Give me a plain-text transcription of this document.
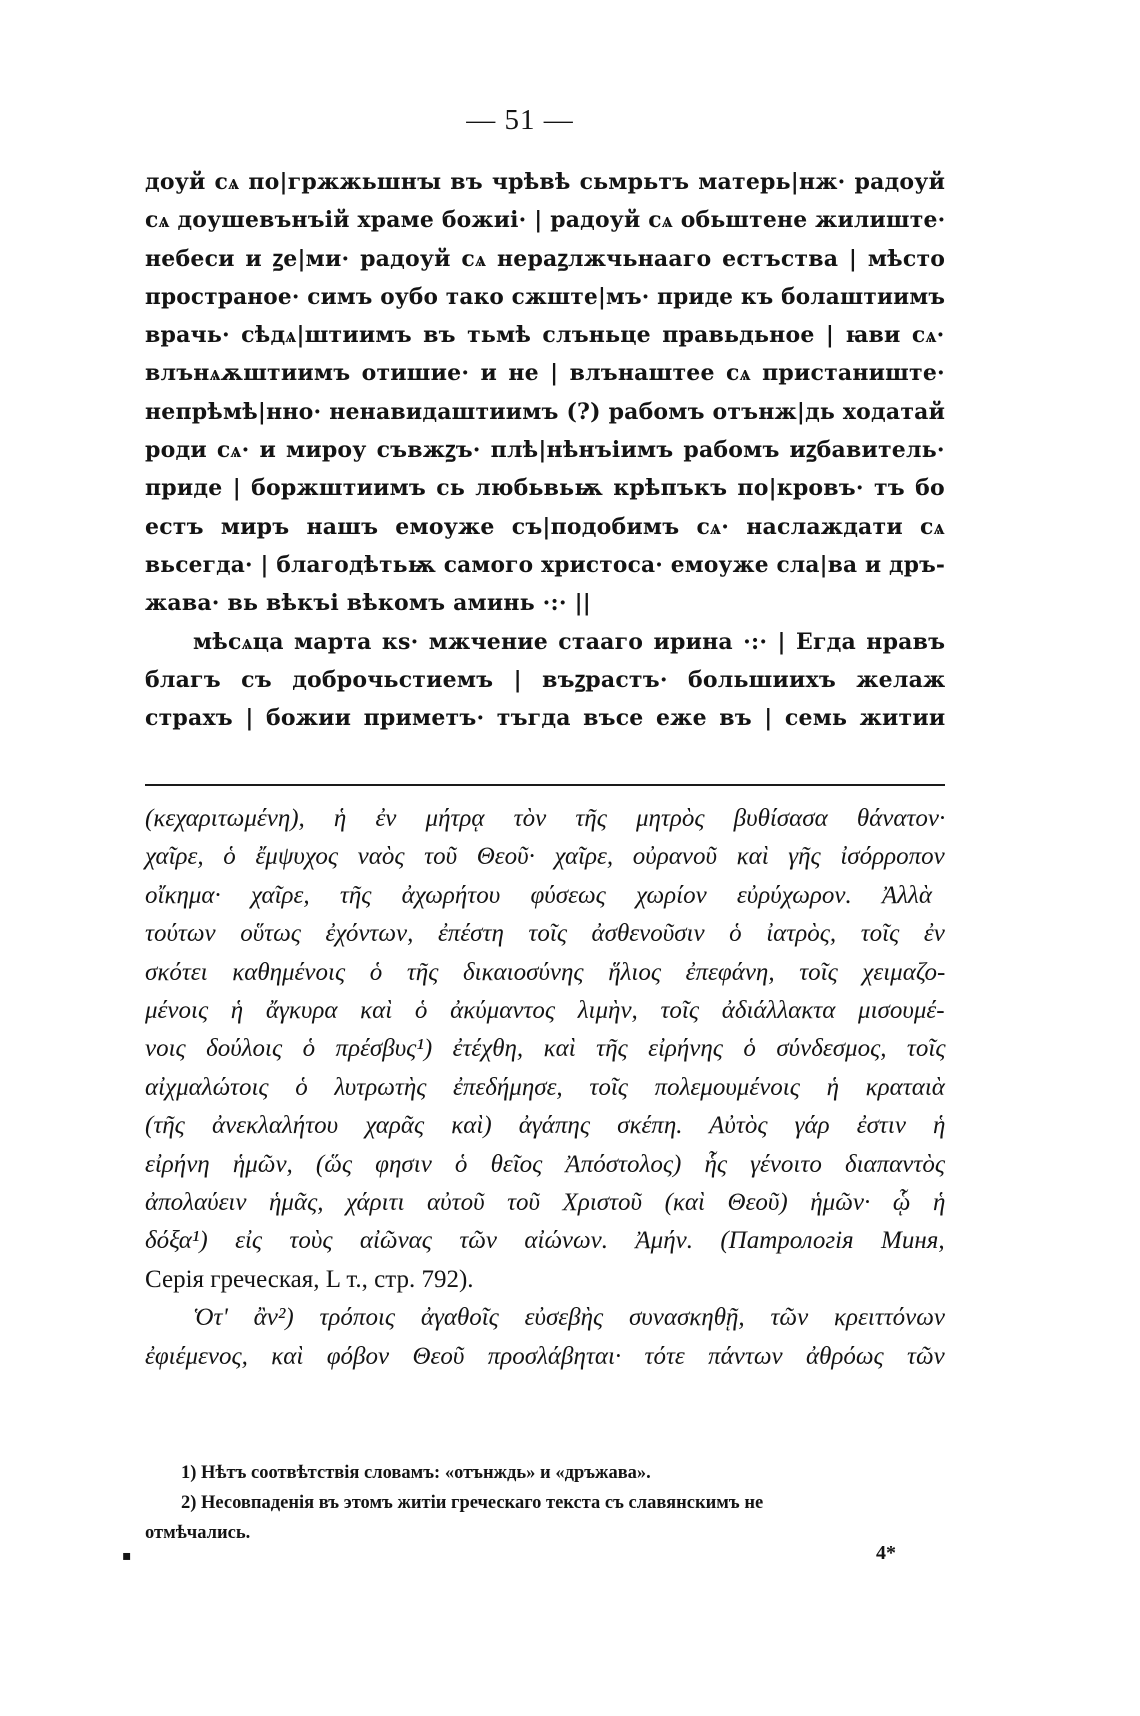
— 51 —
доуй сѧ по|гржжьшнꙑ въ чрѣвѣ сьмрьтъ матерь|нж· радоуй
сѧ доушевънъій храме божиі· | радоуй сѧ обьштенe жилиштe·
небеси и ꙁe|ми· радоуй сѧ нераꙁлжчьнааго естъства | мѣсто
пространое· симъ оубо тако сжште|мъ· приде къ болаштиимъ
врачь· сѣдѧ|штиимъ въ тьмѣ слъньце правьдьное | ꙗви сѧ·
влънѧѫштиимъ отишие· и не | влънаштее сѧ пристаниште·
непрѣмѣ|нно· ненавидаштиимъ (?) рабомъ отънж|дь ходатай
роди сѧ· и мироу съвжꙁъ· плѣ|нѣнъіимъ рабомъ иꙁбавитель·
приде | боржштиимъ сь любьвьѭ крѣпъкъ по|кровъ· тъ бо
естъ миръ нашъ емоуже съ|подобимъ сѧ· наслаждати сѧ
вьсегда· | благодѣтьѭ самого христоса· емоуже сла|ва и дръ-
жава· вь вѣкъі вѣкомъ аминь ·:· ||
мѣсѧца марта кѕ· мжчение стааго ирина ·:· | Егда нравъ
благъ съ доброчьстиемъ | въꙁрастъ· большиихъ желаж
страхъ | божии приметъ· тъгда въсе еже въ | семь житии
(κεχαριτωμένη), ἡ ἐν μήτρᾳ τὸν τῆς μητρὸς βυθίσασα θάνατον·
χαῖρε, ὁ ἔμψυχος ναὸς τοῦ Θεοῦ· χαῖρε, οὐρανοῦ καὶ γῆς ἰσόρροπον
οἴκημα· χαῖρε, τῆς ἀχωρήτου φύσεως χωρίον εὐρύχωρον. Ἀλλὰ
τούτων οὕτως ἐχόντων, ἐπέστη τοῖς ἀσθενοῦσιν ὁ ἰατρὸς, τοῖς ἐν
σκότει καθημένοις ὁ τῆς δικαιοσύνης ἥλιος ἐπεφάνη, τοῖς χειμαζο-
μένοις ἡ ἄγκυρα καὶ ὁ ἀκύμαντος λιμὴν, τοῖς ἀδιάλλακτα μισουμέ-
νοις δούλοις ὁ πρέσβυς¹) ἐτέχθη, καὶ τῆς εἰρήνης ὁ σύνδεσμος, τοῖς
αἰχμαλώτοις ὁ λυτρωτὴς ἐπεδήμησε, τοῖς πολεμουμένοις ἡ κραταιὰ
(τῆς ἀνεκλαλήτου χαρᾶς καὶ) ἀγάπης σκέπη. Αὐτὸς γάρ ἐστιν ἡ
εἰρήνη ἡμῶν, (ὥς φησιν ὁ θεῖος Ἀπόστολος) ἧς γένοιτο διαπαντὸς
ἀπολαύειν ἡμᾶς, χάριτι αὐτοῦ τοῦ Χριστοῦ (καὶ Θεοῦ) ἡμῶν· ᾧ ἡ
δόξα¹) εἰς τοὺς αἰῶνας τῶν αἰώνων. Ἀμήν. (Патрологія Миня,
Серія греческая, L т., стр. 792).
Ὁτ' ἂν²) τρόποις ἀγαθοῖς εὐσεβὴς συνασκηθῇ, τῶν κρειττόνων
ἐφιέμενος, καὶ φόβον Θεοῦ προσλάβηται· τότε πάντων ἀθρόως τῶν
1) Нѣтъ соотвѣтствія словамъ: «отънждь» и «дръжава».
2) Несовпаденія въ этомъ житіи греческаго текста съ славянскимъ не
отмѣчались.
▪	4*
